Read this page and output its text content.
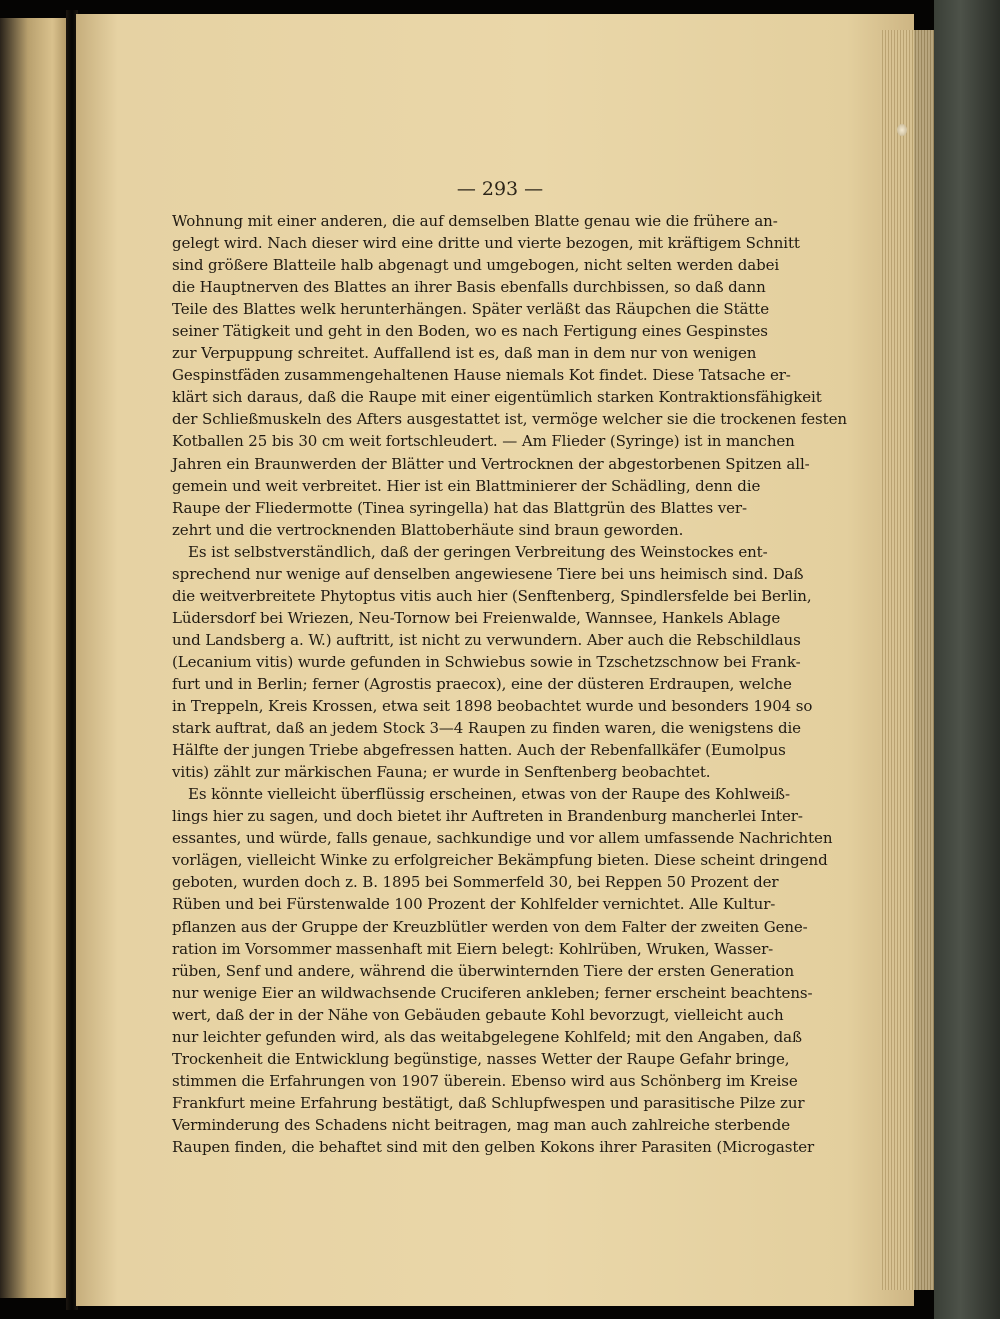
— 293 —
Wohnung mit einer anderen, die auf demselben Blatte genau wie die frühere an-
gelegt wird. Nach dieser wird eine dritte und vierte bezogen, mit kräftigem Schnitt
sind größere Blatteile halb abgenagt und umgebogen, nicht selten werden dabei
die Hauptnerven des Blattes an ihrer Basis ebenfalls durchbissen, so daß dann
Teile des Blattes welk herunterhängen. Später verläßt das Räupchen die Stätte
seiner Tätigkeit und geht in den Boden, wo es nach Fertigung eines Gespinstes
zur Verpuppung schreitet. Auffallend ist es, daß man in dem nur von wenigen
Gespinstfäden zusammengehaltenen Hause niemals Kot findet. Diese Tatsache er-
klärt sich daraus, daß die Raupe mit einer eigentümlich starken Kontraktionsfähigkeit
der Schließmuskeln des Afters ausgestattet ist, vermöge welcher sie die trockenen festen
Kotballen 25 bis 30 cm weit fortschleudert. — Am Flieder (Syringe) ist in manchen
Jahren ein Braunwerden der Blätter und Vertrocknen der abgestorbenen Spitzen all-
gemein und weit verbreitet. Hier ist ein Blattminierer der Schädling, denn die
Raupe der Fliedermotte (Tinea syringella) hat das Blattgrün des Blattes ver-
zehrt und die vertrocknenden Blattoberhäute sind braun geworden.
Es ist selbstverständlich, daß der geringen Verbreitung des Weinstockes ent-
sprechend nur wenige auf denselben angewiesene Tiere bei uns heimisch sind. Daß
die weitverbreitete Phytoptus vitis auch hier (Senftenberg, Spindlersfelde bei Berlin,
Lüdersdorf bei Wriezen, Neu-Tornow bei Freienwalde, Wannsee, Hankels Ablage
und Landsberg a. W.) auftritt, ist nicht zu verwundern. Aber auch die Rebschildlaus
(Lecanium vitis) wurde gefunden in Schwiebus sowie in Tzschetzschnow bei Frank-
furt und in Berlin; ferner (Agrostis praecox), eine der düsteren Erdraupen, welche
in Treppeln, Kreis Krossen, etwa seit 1898 beobachtet wurde und besonders 1904 so
stark auftrat, daß an jedem Stock 3—4 Raupen zu finden waren, die wenigstens die
Hälfte der jungen Triebe abgefressen hatten. Auch der Rebenfallkäfer (Eumolpus
vitis) zählt zur märkischen Fauna; er wurde in Senftenberg beobachtet.
Es könnte vielleicht überflüssig erscheinen, etwas von der Raupe des Kohlweiß-
lings hier zu sagen, und doch bietet ihr Auftreten in Brandenburg mancherlei Inter-
essantes, und würde, falls genaue, sachkundige und vor allem umfassende Nachrichten
vorlägen, vielleicht Winke zu erfolgreicher Bekämpfung bieten. Diese scheint dringend
geboten, wurden doch z. B. 1895 bei Sommerfeld 30, bei Reppen 50 Prozent der
Rüben und bei Fürstenwalde 100 Prozent der Kohlfelder vernichtet. Alle Kultur-
pflanzen aus der Gruppe der Kreuzblütler werden von dem Falter der zweiten Gene-
ration im Vorsommer massenhaft mit Eiern belegt: Kohlrüben, Wruken, Wasser-
rüben, Senf und andere, während die überwinternden Tiere der ersten Generation
nur wenige Eier an wildwachsende Cruciferen ankleben; ferner erscheint beachtens-
wert, daß der in der Nähe von Gebäuden gebaute Kohl bevorzugt, vielleicht auch
nur leichter gefunden wird, als das weitabgelegene Kohlfeld; mit den Angaben, daß
Trockenheit die Entwicklung begünstige, nasses Wetter der Raupe Gefahr bringe,
stimmen die Erfahrungen von 1907 überein. Ebenso wird aus Schönberg im Kreise
Frankfurt meine Erfahrung bestätigt, daß Schlupfwespen und parasitische Pilze zur
Verminderung des Schadens nicht beitragen, mag man auch zahlreiche sterbende
Raupen finden, die behaftet sind mit den gelben Kokons ihrer Parasiten (Microgaster
